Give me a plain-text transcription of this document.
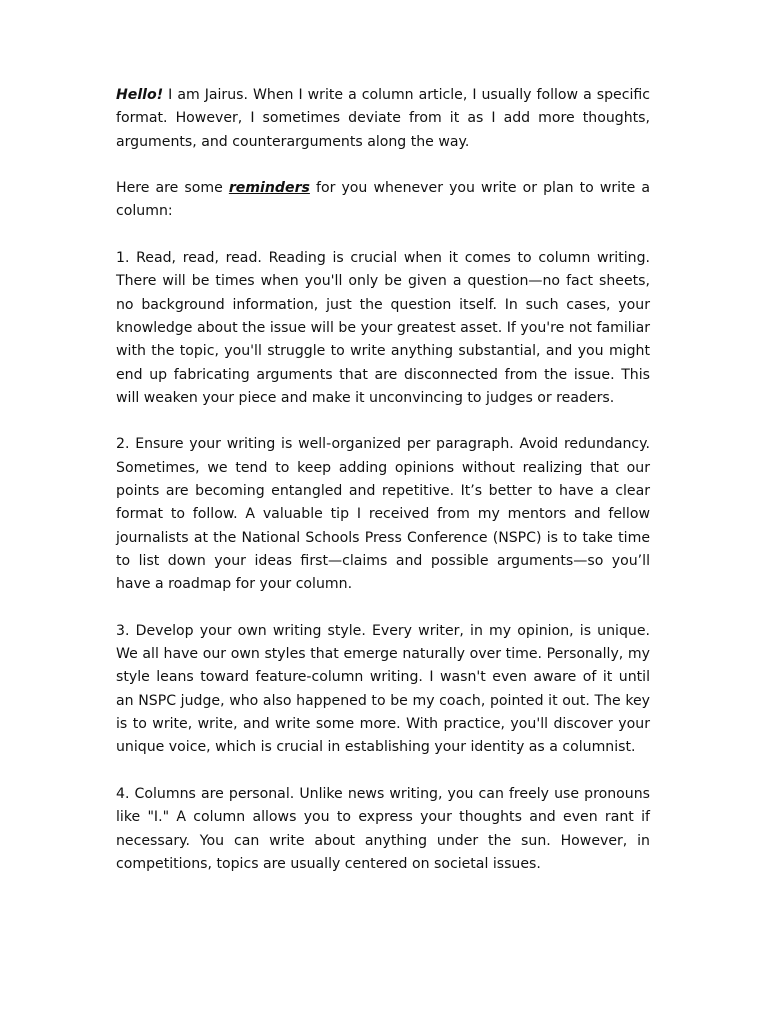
Hello! I am Jairus. When I write a column article, I usually follow a specific format. However, I sometimes deviate from it as I add more thoughts, arguments, and counterarguments along the way.

Here are some reminders for you whenever you write or plan to write a column:

1. Read, read, read. Reading is crucial when it comes to column writing. There will be times when you'll only be given a question—no fact sheets, no background information, just the question itself. In such cases, your knowledge about the issue will be your greatest asset. If you're not familiar with the topic, you'll struggle to write anything substantial, and you might end up fabricating arguments that are disconnected from the issue. This will weaken your piece and make it unconvincing to judges or readers.

2. Ensure your writing is well-organized per paragraph. Avoid redundancy. Sometimes, we tend to keep adding opinions without realizing that our points are becoming entangled and repetitive. It’s better to have a clear format to follow. A valuable tip I received from my mentors and fellow journalists at the National Schools Press Conference (NSPC) is to take time to list down your ideas first—claims and possible arguments—so you’ll have a roadmap for your column.

3. Develop your own writing style. Every writer, in my opinion, is unique. We all have our own styles that emerge naturally over time. Personally, my style leans toward feature-column writing. I wasn't even aware of it until an NSPC judge, who also happened to be my coach, pointed it out. The key is to write, write, and write some more. With practice, you'll discover your unique voice, which is crucial in establishing your identity as a columnist.

4. Columns are personal. Unlike news writing, you can freely use pronouns like "I." A column allows you to express your thoughts and even rant if necessary. You can write about anything under the sun. However, in competitions, topics are usually centered on societal issues.
